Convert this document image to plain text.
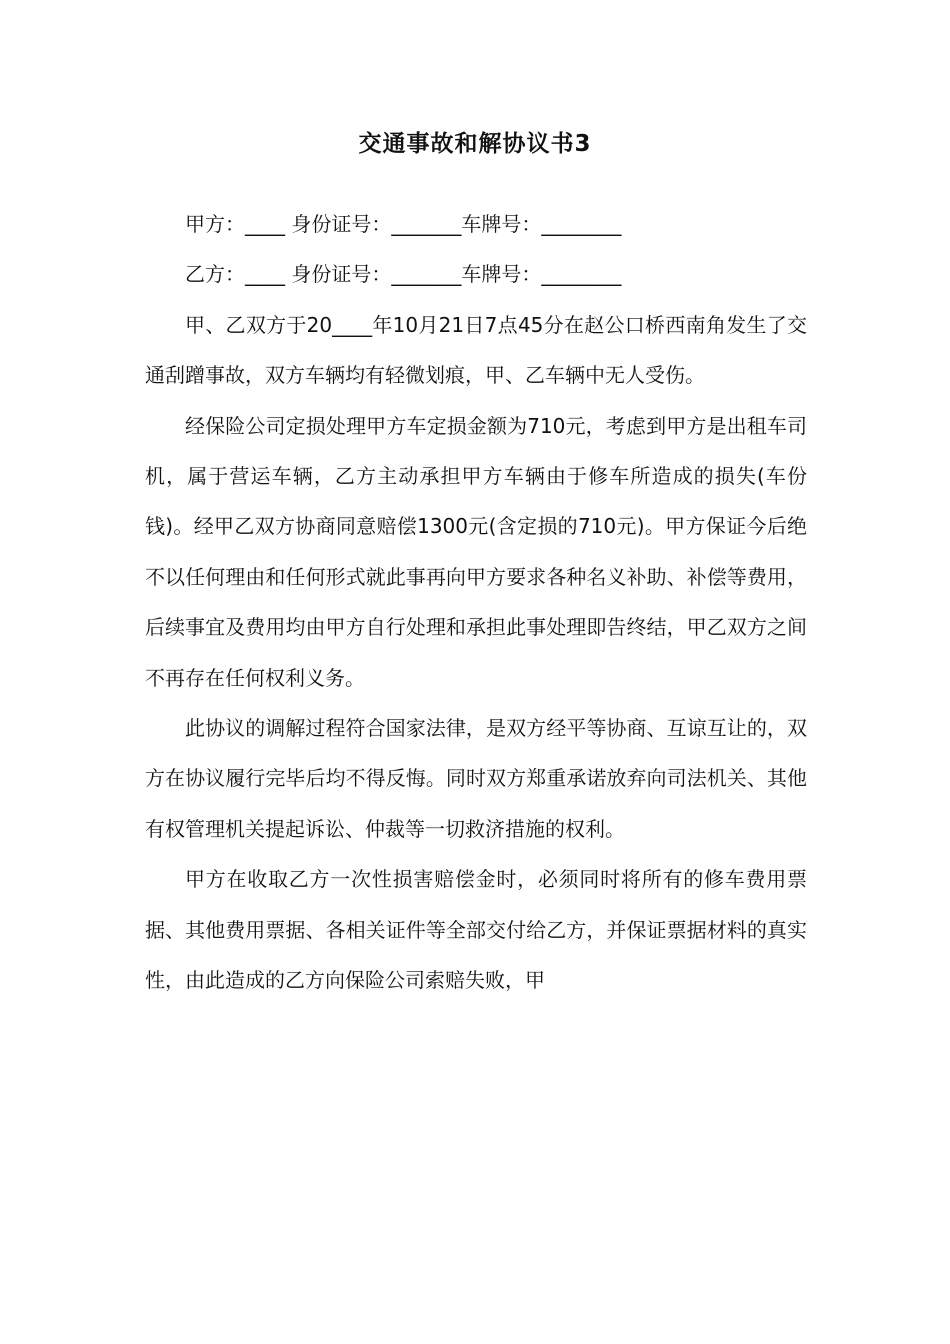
交通事故和解协议书3

甲方：____ 身份证号：_______车牌号：________

乙方：____ 身份证号：_______车牌号：________

甲、乙双方于20____年10月21日7点45分在赵公口桥西南角发生了交通刮蹭事故，双方车辆均有轻微划痕，甲、乙车辆中无人受伤。

经保险公司定损处理甲方车定损金额为710元，考虑到甲方是出租车司机，属于营运车辆，乙方主动承担甲方车辆由于修车所造成的损失(车份钱)。经甲乙双方协商同意赔偿1300元(含定损的710元)。甲方保证今后绝不以任何理由和任何形式就此事再向甲方要求各种名义补助、补偿等费用，后续事宜及费用均由甲方自行处理和承担此事处理即告终结，甲乙双方之间不再存在任何权利义务。

此协议的调解过程符合国家法律，是双方经平等协商、互谅互让的，双方在协议履行完毕后均不得反悔。同时双方郑重承诺放弃向司法机关、其他有权管理机关提起诉讼、仲裁等一切救济措施的权利。

甲方在收取乙方一次性损害赔偿金时，必须同时将所有的修车费用票据、其他费用票据、各相关证件等全部交付给乙方，并保证票据材料的真实性，由此造成的乙方向保险公司索赔失败，甲
